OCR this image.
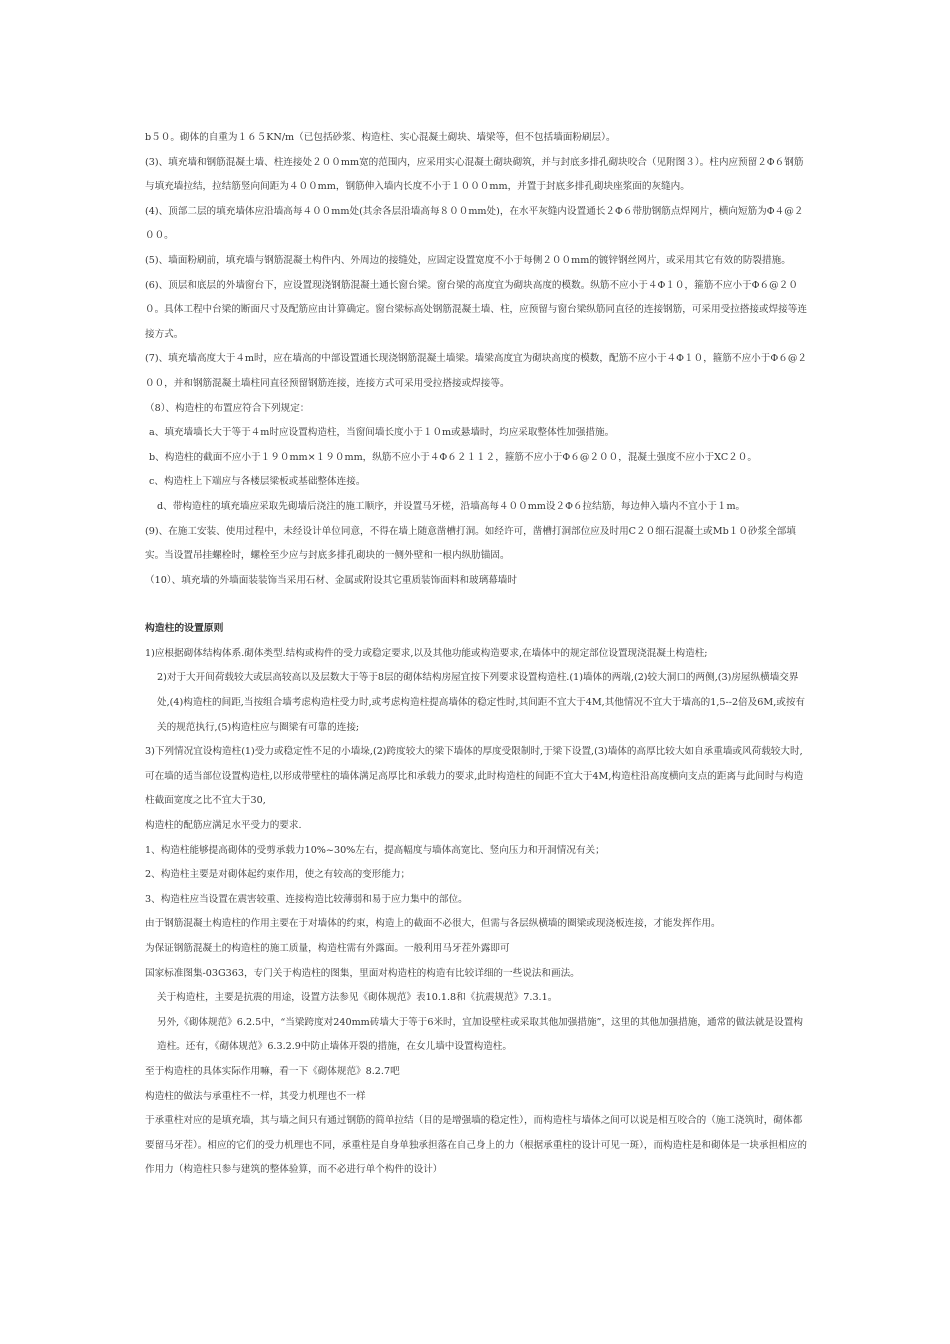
b５０。砌体的自重为１６５KN/m（已包括砂浆、构造柱、实心混凝土砌块、墙梁等，但不包括墙面粉刷层）。

(3)、填充墙和钢筋混凝土墙、柱连接处２００mm宽的范围内，应采用实心混凝土砌块砌筑，并与封底多排孔砌块咬合（见附图３）。柱内应预留２Φ６钢筋与填充墙拉结，拉结筋竖向间距为４００mm，钢筋伸入墙内长度不小于１０００mm，并置于封底多排孔砌块座浆面的灰缝内。

(4)、顶部二层的填充墙体应沿墙高每４００mm处(其余各层沿墙高每８００mm处)，在水平灰缝内设置通长２Φ６带肋钢筋点焊网片，横向短筋为Φ４@２００。

(5)、墙面粉刷前，填充墙与钢筋混凝土构件内、外周边的接缝处，应固定设置宽度不小于每侧２００mm的镀锌钢丝网片，或采用其它有效的防裂措施。

(6)、顶层和底层的外墙窗台下，应设置现浇钢筋混凝土通长窗台梁。窗台梁的高度宜为砌块高度的模数。纵筋不应小于４Φ１０，箍筋不应小于Φ６@２００。具体工程中台梁的断面尺寸及配筋应由计算确定。窗台梁标高处钢筋混凝土墙、柱，应预留与窗台梁纵筋同直径的连接钢筋，可采用受拉搭接或焊接等连接方式。

(7)、填充墙高度大于４m时，应在墙高的中部设置通长现浇钢筋混凝土墙梁。墙梁高度宜为砌块高度的模数，配筋不应小于４Φ１０，箍筋不应小于Φ６@２００，并和钢筋混凝土墙柱同直径预留钢筋连接，连接方式可采用受拉搭接或焊接等。

（8）、构造柱的布置应符合下列规定：

a、填充墙墙长大于等于４m时应设置构造柱，当窗间墙长度小于１０m或悬墙时，均应采取整体性加强措施。

b、构造柱的截面不应小于１９０mm×１９０mm，纵筋不应小于４Φ６２１１２，箍筋不应小于Φ６@２００，混凝土强度不应小于XC２０。

c、构造柱上下端应与各楼层梁板或基础整体连接。

d、带构造柱的填充墙应采取先砌墙后浇注的施工顺序，并设置马牙槎，沿墙高每４００mm设２Φ６拉结筋，每边伸入墙内不宜小于１m。

(9)、在施工安装、使用过程中，未经设计单位同意，不得在墙上随意凿槽打洞。如经许可，凿槽打洞部位应及时用C２０细石混凝土或Mb１０砂浆全部填实。当设置吊挂螺栓时，螺栓至少应与封底多排孔砌块的一侧外壁和一根内纵肋锚固。

（10）、填充墙的外墙面装装饰当采用石材、金属或附设其它重质装饰面料和玻璃幕墙时

构造柱的设置原则

1)应根据砌体结构体系.砌体类型.结构或构件的受力或稳定要求,以及其他功能或构造要求,在墙体中的规定部位设置现浇混凝土构造柱;

2)对于大开间荷载较大或层高较高以及层数大于等于8层的砌体结构房屋宜按下列要求设置构造柱.(1)墙体的两端,(2)较大洞口的两侧,(3)房屋纵横墙交界处,(4)构造柱的间距,当按组合墙考虑构造柱受力时,或考虑构造柱提高墙体的稳定性时,其间距不宜大于4M,其他情况不宜大于墙高的1,5--2倍及6M,或按有关的规范执行,(5)构造柱应与圈梁有可靠的连接;

3)下列情况宜设构造柱(1)受力或稳定性不足的小墙垛,(2)跨度较大的梁下墙体的厚度受限制时,于梁下设置,(3)墙体的高厚比较大如自承重墙或风荷载较大时,可在墙的适当部位设置构造柱,以形成带壁柱的墙体满足高厚比和承载力的要求,此时构造柱的间距不宜大于4M,构造柱沿高度横向支点的距离与此间时与构造柱截面宽度之比不宜大于30,

构造柱的配筋应满足水平受力的要求.

1、构造柱能够提高砌体的受剪承载力10%~30%左右，提高幅度与墙体高宽比、竖向压力和开洞情况有关；

2、构造柱主要是对砌体起约束作用，使之有较高的变形能力；

3、构造柱应当设置在震害较重、连接构造比较薄弱和易于应力集中的部位。

由于钢筋混凝土构造柱的作用主要在于对墙体的约束，构造上的截面不必很大，但需与各层纵横墙的圈梁或现浇板连接，才能发挥作用。

为保证钢筋混凝土的构造柱的施工质量，构造柱需有外露面。一般利用马牙茬外露即可

国家标准图集-03G363，专门关于构造柱的图集，里面对构造柱的构造有比较详细的一些说法和画法。

关于构造柱，主要是抗震的用途，设置方法参见《砌体规范》表10.1.8和《抗震规范》7.3.1。

另外,《砌体规范》6.2.5中，“当梁跨度对240mm砖墙大于等于6米时，宜加设壁柱或采取其他加强措施”，这里的其他加强措施，通常的做法就是设置构造柱。还有，《砌体规范》6.3.2.9中防止墙体开裂的措施，在女儿墙中设置构造柱。

至于构造柱的具体实际作用嘛，看一下《砌体规范》8.2.7吧

构造柱的做法与承重柱不一样，其受力机理也不一样

于承重柱对应的是填充墙，其与墙之间只有通过钢筋的简单拉结（目的是增强墙的稳定性），而构造柱与墙体之间可以说是相互咬合的（施工浇筑时，砌体都要留马牙茬）。相应的它们的受力机理也不同，承重柱是自身单独承担落在自己身上的力（根据承重柱的设计可见一斑），而构造柱是和砌体是一块承担相应的作用力（构造柱只参与建筑的整体验算，而不必进行单个构件的设计）
